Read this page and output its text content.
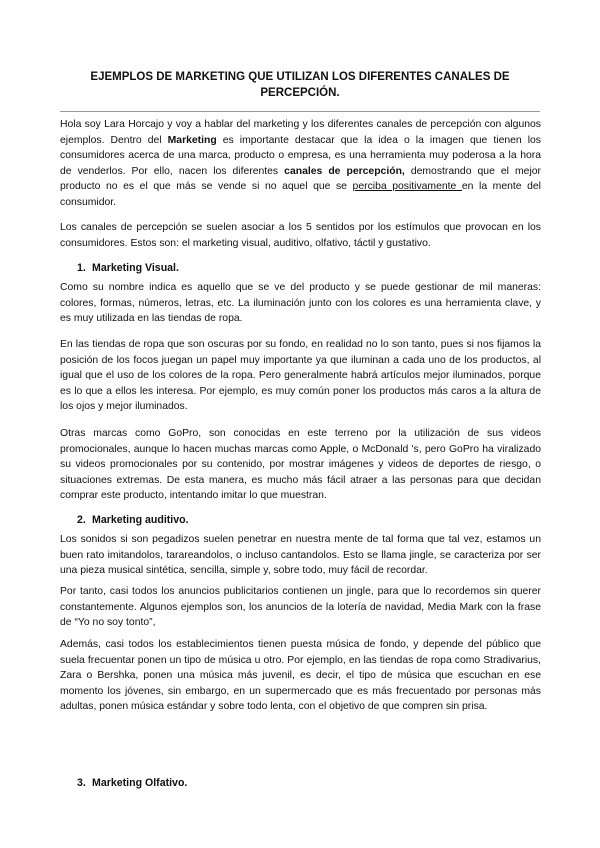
EJEMPLOS DE MARKETING QUE UTILIZAN LOS DIFERENTES CANALES DE PERCEPCIÓN.

Hola soy Lara Horcajo y voy a hablar del marketing y los diferentes canales de percepción con algunos ejemplos. Dentro del Marketing es importante destacar que la idea o la imagen que tienen los consumidores acerca de una marca, producto o empresa, es una herramienta muy poderosa a la hora de venderlos. Por ello, nacen los diferentes canales de percepción, demostrando que el mejor producto no es el que más se vende si no aquel que se perciba positivamente en la mente del consumidor.

Los canales de percepción se suelen asociar a los 5 sentidos por los estímulos que provocan en los consumidores. Estos son: el marketing visual, auditivo, olfativo, táctil y gustativo.

1. Marketing Visual.

Como su nombre indica es aquello que se ve del producto y se puede gestionar de mil maneras: colores, formas, números, letras, etc. La iluminación junto con los colores es una herramienta clave, y es muy utilizada en las tiendas de ropa.

En las tiendas de ropa que son oscuras por su fondo, en realidad no lo son tanto, pues si nos fijamos la posición de los focos juegan un papel muy importante ya que iluminan a cada uno de los productos, al igual que el uso de los colores de la ropa. Pero generalmente habrá artículos mejor iluminados, porque es lo que a ellos les interesa. Por ejemplo, es muy común poner los productos más caros a la altura de los ojos y mejor iluminados.

Otras marcas como GoPro, son conocidas en este terreno por la utilización de sus videos promocionales, aunque lo hacen muchas marcas como Apple, o McDonald 's, pero GoPro ha viralizado su videos promocionales por su contenido, por mostrar imágenes y videos de deportes de riesgo, o situaciones extremas. De esta manera, es mucho más fácil atraer a las personas para que decidan comprar este producto, intentando imitar lo que muestran.

2. Marketing auditivo.

Los sonidos si son pegadizos suelen penetrar en nuestra mente de tal forma que tal vez, estamos un buen rato imitandolos, tarareandolos, o incluso cantandolos. Esto se llama jingle, se caracteriza por ser una pieza musical sintética, sencilla, simple y, sobre todo, muy fácil de recordar.

Por tanto, casi todos los anuncios publicitarios contienen un jingle, para que lo recordemos sin querer constantemente. Algunos ejemplos son, los anuncios de la lotería de navidad, Media Mark con la frase de “Yo no soy tonto”,

Además, casi todos los establecimientos tienen puesta música de fondo, y depende del público que suela frecuentar ponen un tipo de música u otro. Por ejemplo, en las tiendas de ropa como Stradivarius, Zara o Bershka, ponen una música más juvenil, es decir, el tipo de música que escuchan en ese momento los jóvenes, sin embargo, en un supermercado que es más frecuentado por personas más adultas, ponen música estándar y sobre todo lenta, con el objetivo de que compren sin prisa.

3. Marketing Olfativo.
